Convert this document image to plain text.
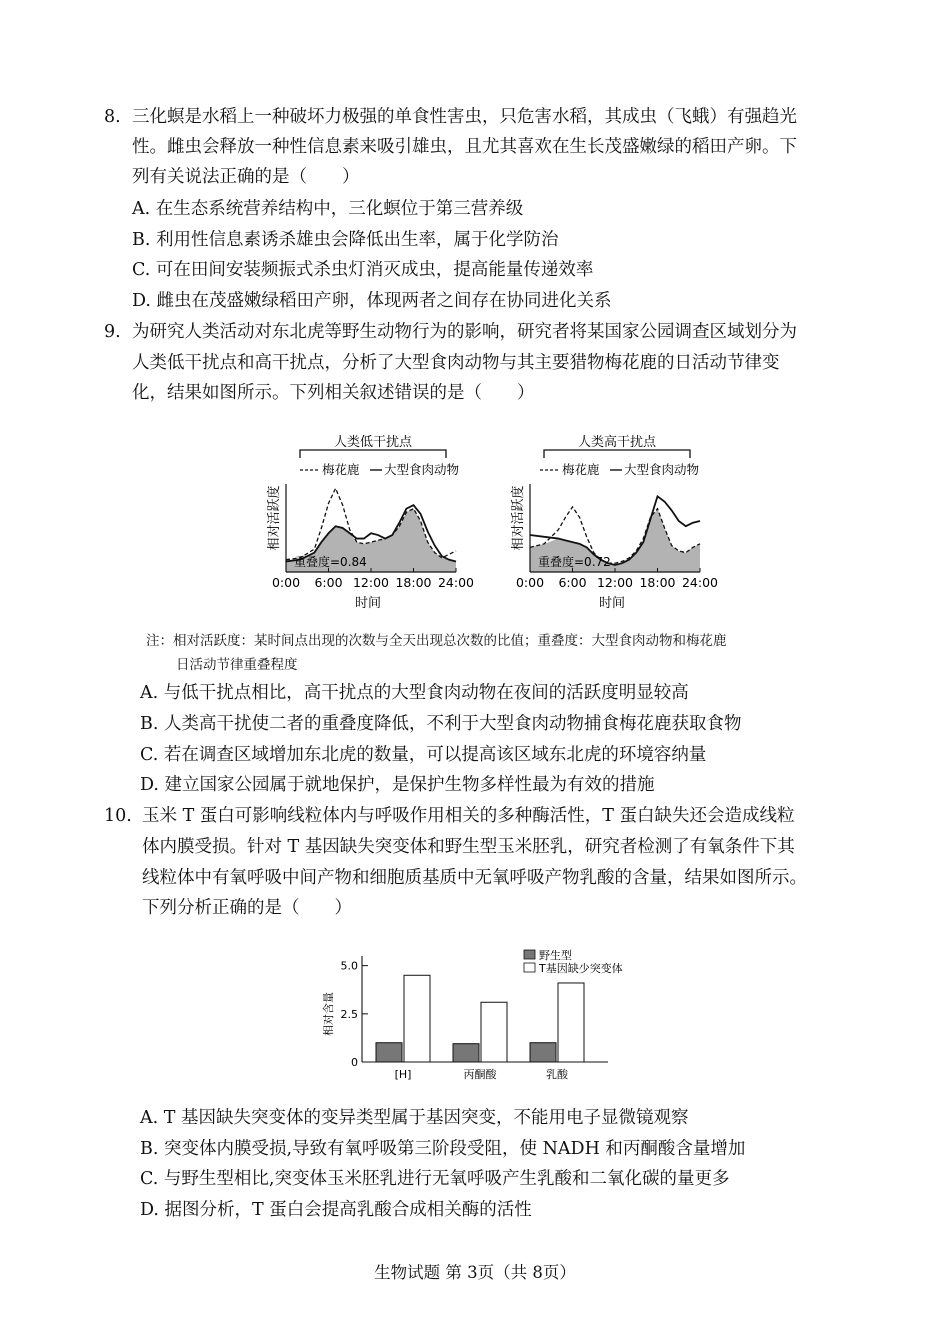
8. 三化螟是水稻上一种破坏力极强的单食性害虫，只危害水稻，其成虫（飞蛾）有强趋光
性。雌虫会释放一种性信息素来吸引雄虫，且尤其喜欢在生长茂盛嫩绿的稻田产卵。下
列有关说法正确的是（　　）
A. 在生态系统营养结构中，三化螟位于第三营养级
B. 利用性信息素诱杀雄虫会降低出生率，属于化学防治
C. 可在田间安装频振式杀虫灯消灭成虫，提高能量传递效率
D. 雌虫在茂盛嫩绿稻田产卵，体现两者之间存在协同进化关系
9. 为研究人类活动对东北虎等野生动物行为的影响，研究者将某国家公园调查区域划分为
人类低干扰点和高干扰点，分析了大型食肉动物与其主要猎物梅花鹿的日活动节律变
化，结果如图所示。下列相关叙述错误的是（　　）
人类低干扰点
梅花鹿 大型食肉动物
相对活跃度
重叠度=0.84
0:00 6:00 12:00 18:00 24:00
时间
人类高干扰点
梅花鹿 大型食肉动物
相对活跃度
重叠度=0.72
0:00 6:00 12:00 18:00 24:00
时间
注：相对活跃度：某时间点出现的次数与全天出现总次数的比值；重叠度：大型食肉动物和梅花鹿
日活动节律重叠程度
A. 与低干扰点相比，高干扰点的大型食肉动物在夜间的活跃度明显较高
B. 人类高干扰使二者的重叠度降低，不利于大型食肉动物捕食梅花鹿获取食物
C. 若在调查区域增加东北虎的数量，可以提高该区域东北虎的环境容纳量
D. 建立国家公园属于就地保护，是保护生物多样性最为有效的措施
10. 玉米 T 蛋白可影响线粒体内与呼吸作用相关的多种酶活性，T 蛋白缺失还会造成线粒
体内膜受损。针对 T 基因缺失突变体和野生型玉米胚乳，研究者检测了有氧条件下其
线粒体中有氧呼吸中间产物和细胞质基质中无氧呼吸产物乳酸的含量，结果如图所示。
下列分析正确的是（　　）
相对含量
0
2.5
5.0
[H]	丙酮酸	乳酸
野生型
T基因缺少突变体
A. T 基因缺失突变体的变异类型属于基因突变，不能用电子显微镜观察
B. 突变体内膜受损,导致有氧呼吸第三阶段受阻，使 NADH 和丙酮酸含量增加
C. 与野生型相比,突变体玉米胚乳进行无氧呼吸产生乳酸和二氧化碳的量更多
D. 据图分析，T 蛋白会提高乳酸合成相关酶的活性
生物试题 第 3页（共 8页）
